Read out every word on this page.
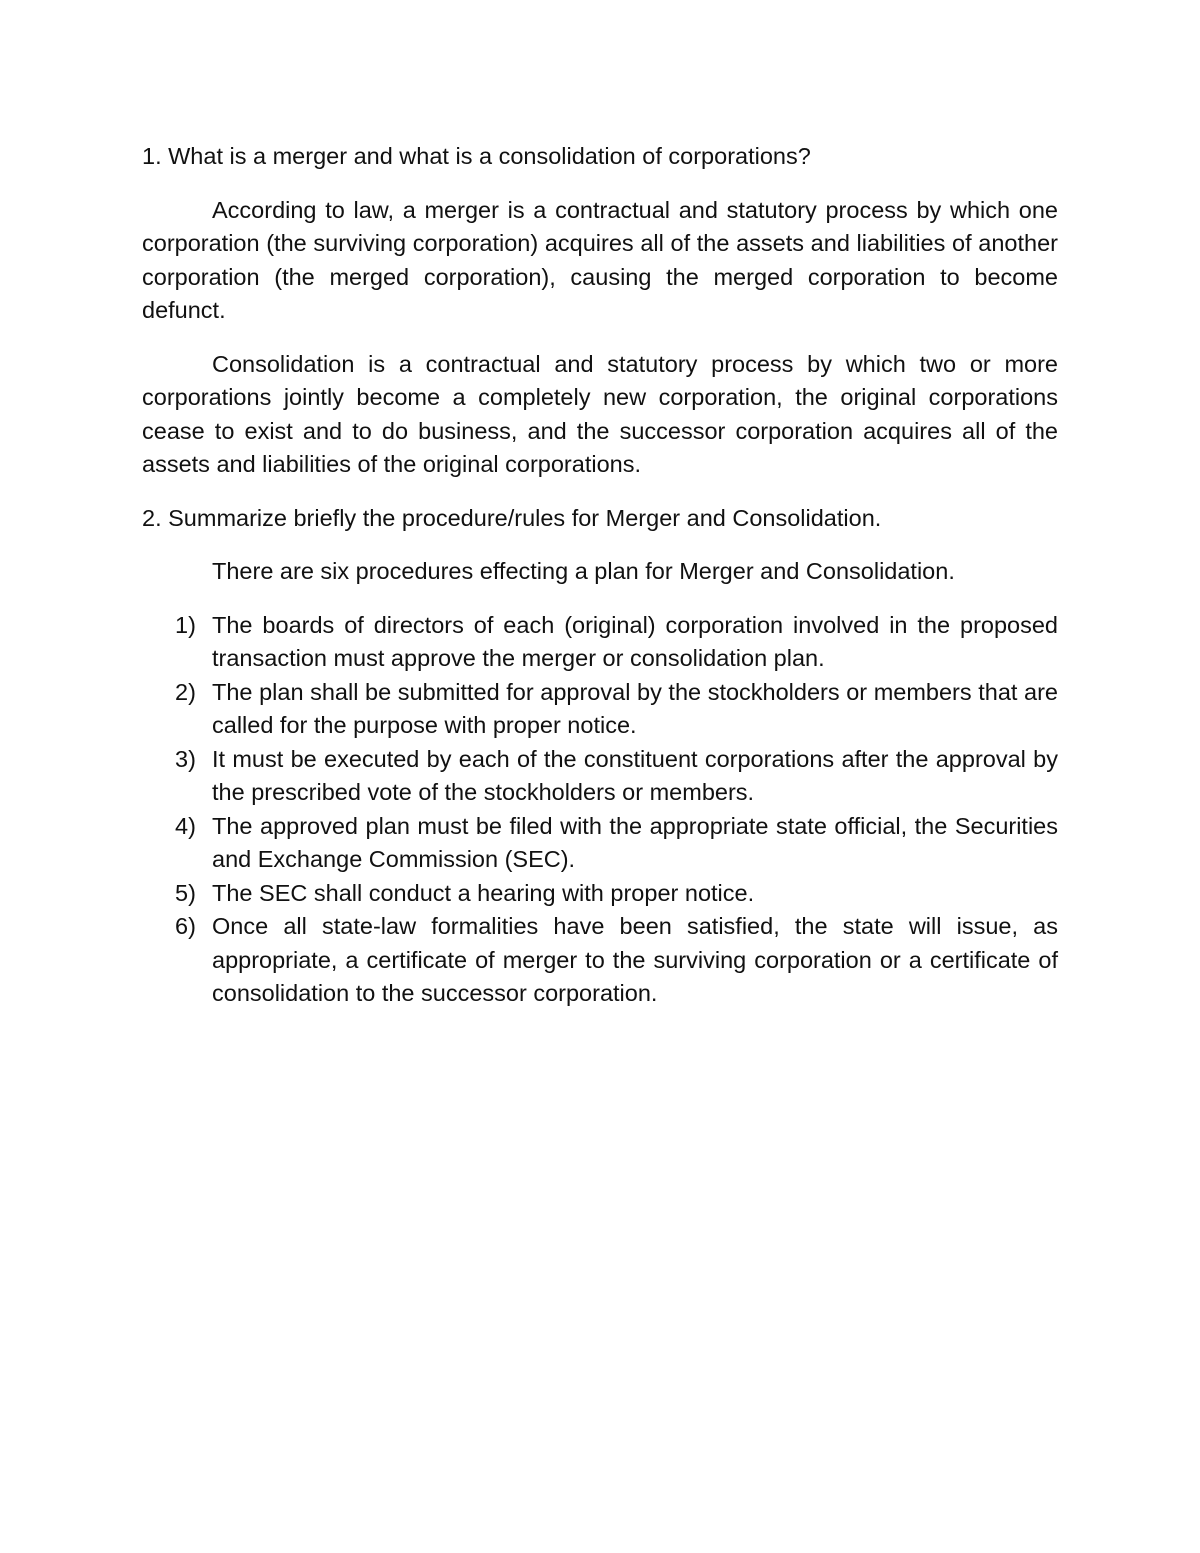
1. What is a merger and what is a consolidation of corporations?

According to law, a merger is a contractual and statutory process by which one corporation (the surviving corporation) acquires all of the assets and liabilities of another corporation (the merged corporation), causing the merged corporation to become defunct.

Consolidation is a contractual and statutory process by which two or more corporations jointly become a completely new corporation, the original corporations cease to exist and to do business, and the successor corporation acquires all of the assets and liabilities of the original corporations.

2. Summarize briefly the procedure/rules for Merger and Consolidation.

There are six procedures effecting a plan for Merger and Consolidation.

1) The boards of directors of each (original) corporation involved in the proposed transaction must approve the merger or consolidation plan.
2) The plan shall be submitted for approval by the stockholders or members that are called for the purpose with proper notice.
3) It must be executed by each of the constituent corporations after the approval by the prescribed vote of the stockholders or members.
4) The approved plan must be filed with the appropriate state official, the Securities and Exchange Commission (SEC).
5) The SEC shall conduct a hearing with proper notice.
6) Once all state-law formalities have been satisfied, the state will issue, as appropriate, a certificate of merger to the surviving corporation or a certificate of consolidation to the successor corporation.
